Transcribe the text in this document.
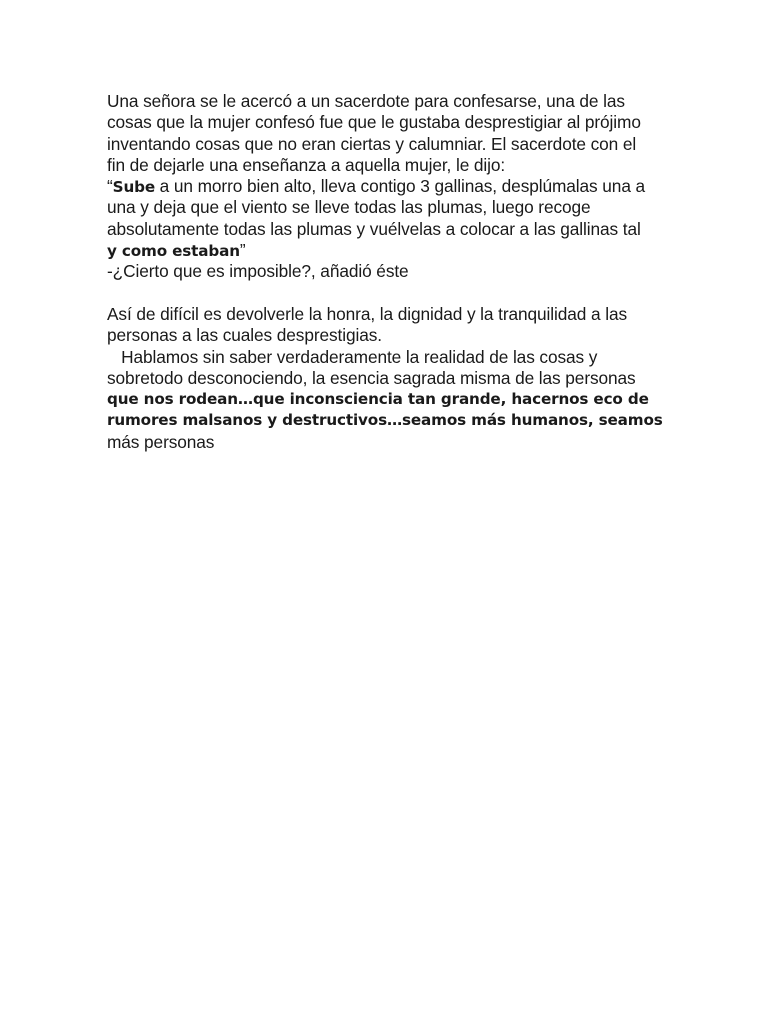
Una señora se le acercó a un sacerdote para confesarse, una de las
cosas que la mujer confesó fue que le gustaba desprestigiar al prójimo
inventando cosas que no eran ciertas y calumniar. El sacerdote con el
fin de dejarle una enseñanza a aquella mujer, le dijo:
“Sube a un morro bien alto, lleva contigo 3 gallinas, desplúmalas una a
una y deja que el viento se lleve todas las plumas, luego recoge
absolutamente todas las plumas y vuélvelas a colocar a las gallinas tal
y como estaban”
-¿Cierto que es imposible?, añadió éste
Así de difícil es devolverle la honra, la dignidad y la tranquilidad a las
personas a las cuales desprestigias.
Hablamos sin saber verdaderamente la realidad de las cosas y
sobretodo desconociendo, la esencia sagrada misma de las personas
que nos rodean…que inconsciencia tan grande, hacernos eco de
rumores malsanos y destructivos…seamos más humanos, seamos
más personas
